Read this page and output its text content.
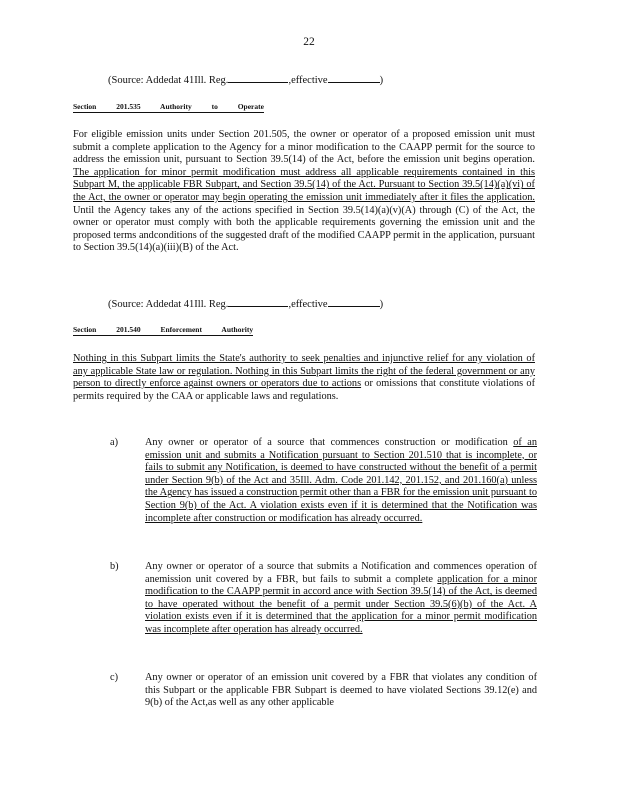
22
(Source: Addedat 41Ill. Reg.	,effective	)
Section 201.535 Authority to Operate
For eligible emission units under Section 201.505, the owner or operator of a proposed emission unit must submit a complete application to the Agency for a minor modification to the CAAPP permit for the source to address the emission unit, pursuant to Section 39.5(14) of the Act, before the emission unit begins operation. The application for minor permit modification must address all applicable requirements contained in this Subpart M, the applicable FBR Subpart, and Section 39.5(14) of the Act. Pursuant to Section 39.5(14)(a)(vi) of the Act, the owner or operator may begin operating the emission unit immediately after it files the application. Until the Agency takes any of the actions specified in Section 39.5(14)(a)(v)(A) through (C) of the Act, the owner or operator must comply with both the applicable requirements governing the emission unit and the proposed terms andconditions of the suggested draft of the modified CAAPP permit in the application, pursuant to Section 39.5(14)(a)(iii)(B) of the Act.
(Source: Addedat 41Ill. Reg.	,effective	)
Section 201.540 Enforcement Authority
Nothing in this Subpart limits the State's authority to seek penalties and injunctive relief for any violation of any applicable State law or regulation. Nothing in this Subpart limits the right of the federal government or any person to directly enforce against owners or operators due to actions or omissions that constitute violations of permits required by the CAA or applicable laws and regulations.
a)	Any owner or operator of a source that commences construction or modification of an emission unit and submits a Notification pursuant to Section 201.510 that is incomplete, or fails to submit any Notification, is deemed to have constructed without the benefit of a permit under Section 9(b) of the Act and 35Ill. Adm. Code 201.142, 201.152, and 201.160(a) unless the Agency has issued a construction permit other than a FBR for the emission unit pursuant to Section 9(b) of the Act. A violation exists even if it is determined that the Notification was incomplete after construction or modification has already occurred.
b)	Any owner or operator of a source that submits a Notification and commences operation of anemission unit covered by a FBR, but fails to submit a complete application for a minor modification to the CAAPP permit in accord ance with Section 39.5(14) of the Act, is deemed to have operated without the benefit of a permit under Section 39.5(6)(b) of the Act. A violation exists even if it is determined that the application for a minor permit modification was incomplete after operation has already occurred.
c)	Any owner or operator of an emission unit covered by a FBR that violates any condition of this Subpart or the applicable FBR Subpart is deemed to have violated Sections 39.12(e) and 9(b) of the Act,as well as any other applicable
